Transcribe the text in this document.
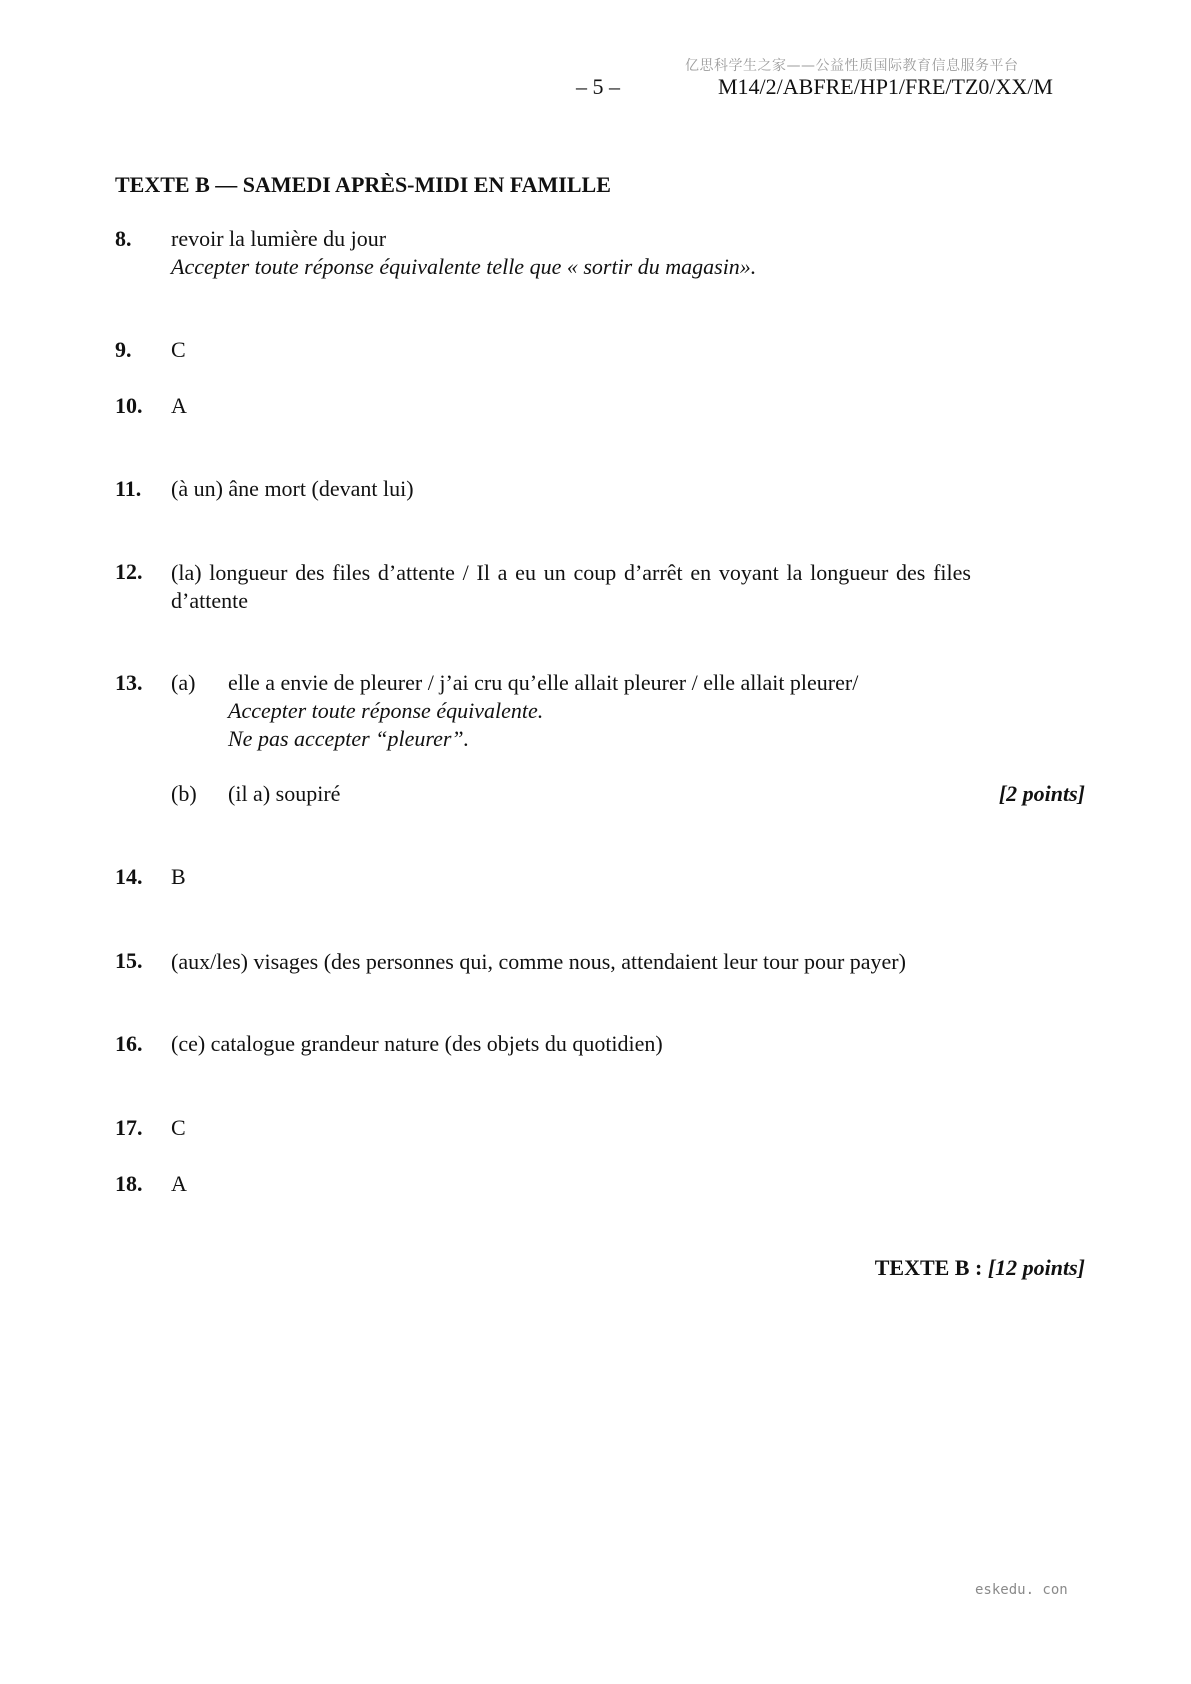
亿思科学生之家——公益性质国际教育信息服务平台
– 5 –	M14/2/ABFRE/HP1/FRE/TZ0/XX/M
TEXTE B — SAMEDI APRÈS-MIDI EN FAMILLE
8. revoir la lumière du jour
Accepter toute réponse équivalente telle que « sortir du magasin».
9. C
10. A
11. (à un) âne mort (devant lui)
12. (la) longueur des files d’attente / Il a eu un coup d’arrêt en voyant la longueur des files d’attente
13. (a) elle a envie de pleurer / j’ai cru qu’elle allait pleurer / elle allait pleurer/
Accepter toute réponse équivalente.
Ne pas accepter “pleurer”.
(b) (il a) soupiré	[2 points]
14. B
15. (aux/les) visages (des personnes qui, comme nous, attendaient leur tour pour payer)
16. (ce) catalogue grandeur nature (des objets du quotidien)
17. C
18. A
TEXTE B : [12 points]
eskedu. con
